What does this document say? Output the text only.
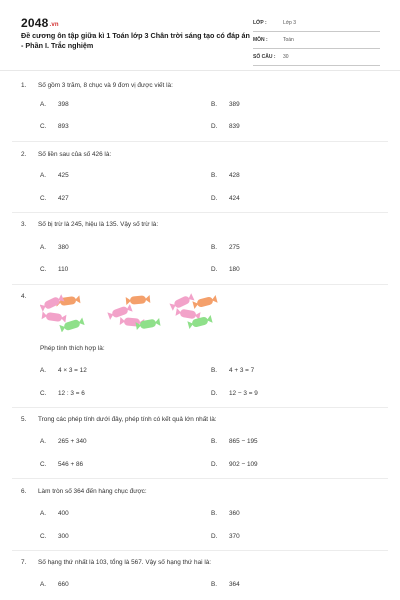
2048.vn
Đề cương ôn tập giữa kì 1 Toán lớp 3 Chân trời sáng tạo có đáp án - Phần I. Trắc nghiệm
LỚP :	Lớp 3
MÔN :	Toán
SỐ CÂU :	30
1.	Số gồm 3 trăm, 8 chục và 9 đơn vị được viết là:
A.	398	B.	389
C.	893	D.	839
2.	Số liền sau của số 426 là:
A.	425	B.	428
C.	427	D.	424
3.	Số bị trừ là 245, hiệu là 135. Vậy số trừ là:
A.	380	B.	275
C.	110	D.	180
4.
Phép tính thích hợp là:
A.	4 × 3 = 12	B.	4 + 3 = 7
C.	12 : 3 = 6	D.	12 − 3 = 9
5.	Trong các phép tính dưới đây, phép tính có kết quả lớn nhất là:
A.	265 + 340	B.	865 − 195
C.	546 + 86	D.	902 − 109
6.	Làm tròn số 364 đến hàng chục được:
A.	400	B.	360
C.	300	D.	370
7.	Số hạng thứ nhất là 103, tổng là 567. Vậy số hạng thứ hai là:
A.	660	B.	364
